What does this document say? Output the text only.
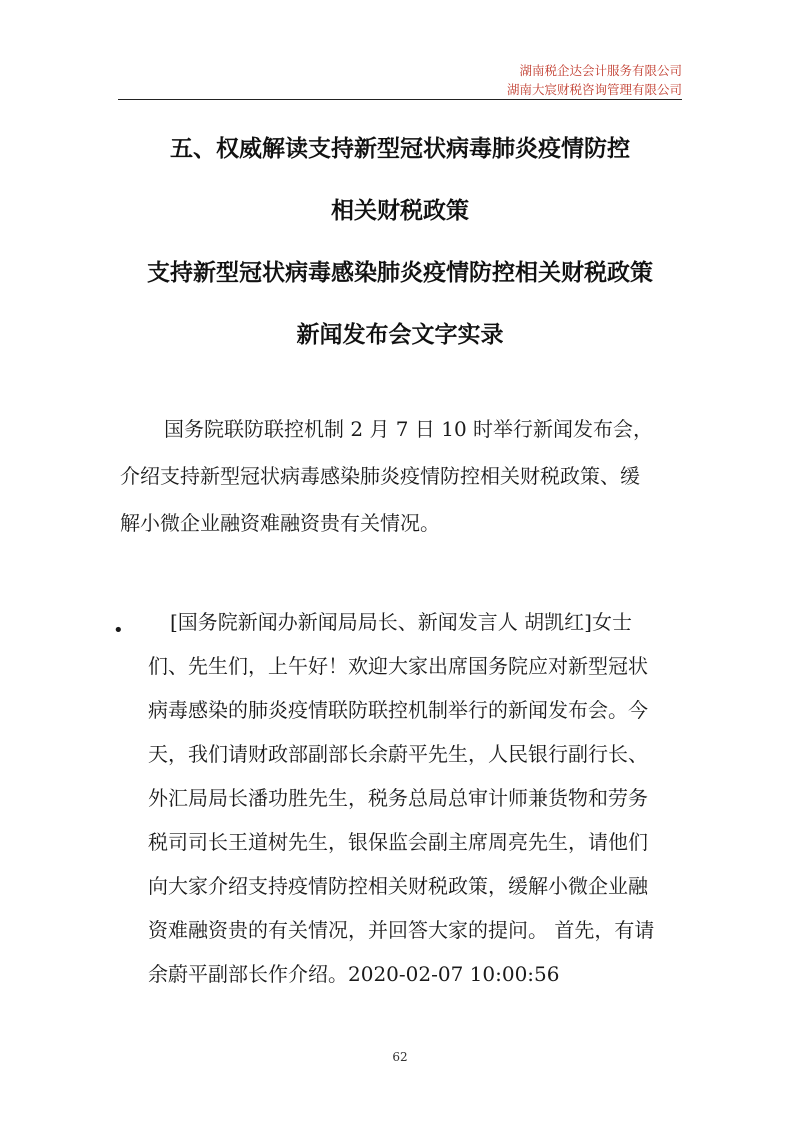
湖南税企达会计服务有限公司
湖南大宸财税咨询管理有限公司
五、权威解读支持新型冠状病毒肺炎疫情防控
相关财税政策
支持新型冠状病毒感染肺炎疫情防控相关财税政策
新闻发布会文字实录
国务院联防联控机制 2 月 7 日 10 时举行新闻发布会，
介绍支持新型冠状病毒感染肺炎疫情防控相关财税政策、缓
解小微企业融资难融资贵有关情况。
•	[国务院新闻办新闻局局长、新闻发言人 胡凯红]女士
们、先生们，上午好！欢迎大家出席国务院应对新型冠状
病毒感染的肺炎疫情联防联控机制举行的新闻发布会。今
天，我们请财政部副部长余蔚平先生，人民银行副行长、
外汇局局长潘功胜先生，税务总局总审计师兼货物和劳务
税司司长王道树先生，银保监会副主席周亮先生，请他们
向大家介绍支持疫情防控相关财税政策，缓解小微企业融
资难融资贵的有关情况，并回答大家的提问。 首先，有请
余蔚平副部长作介绍。2020-02-07 10:00:56
62
